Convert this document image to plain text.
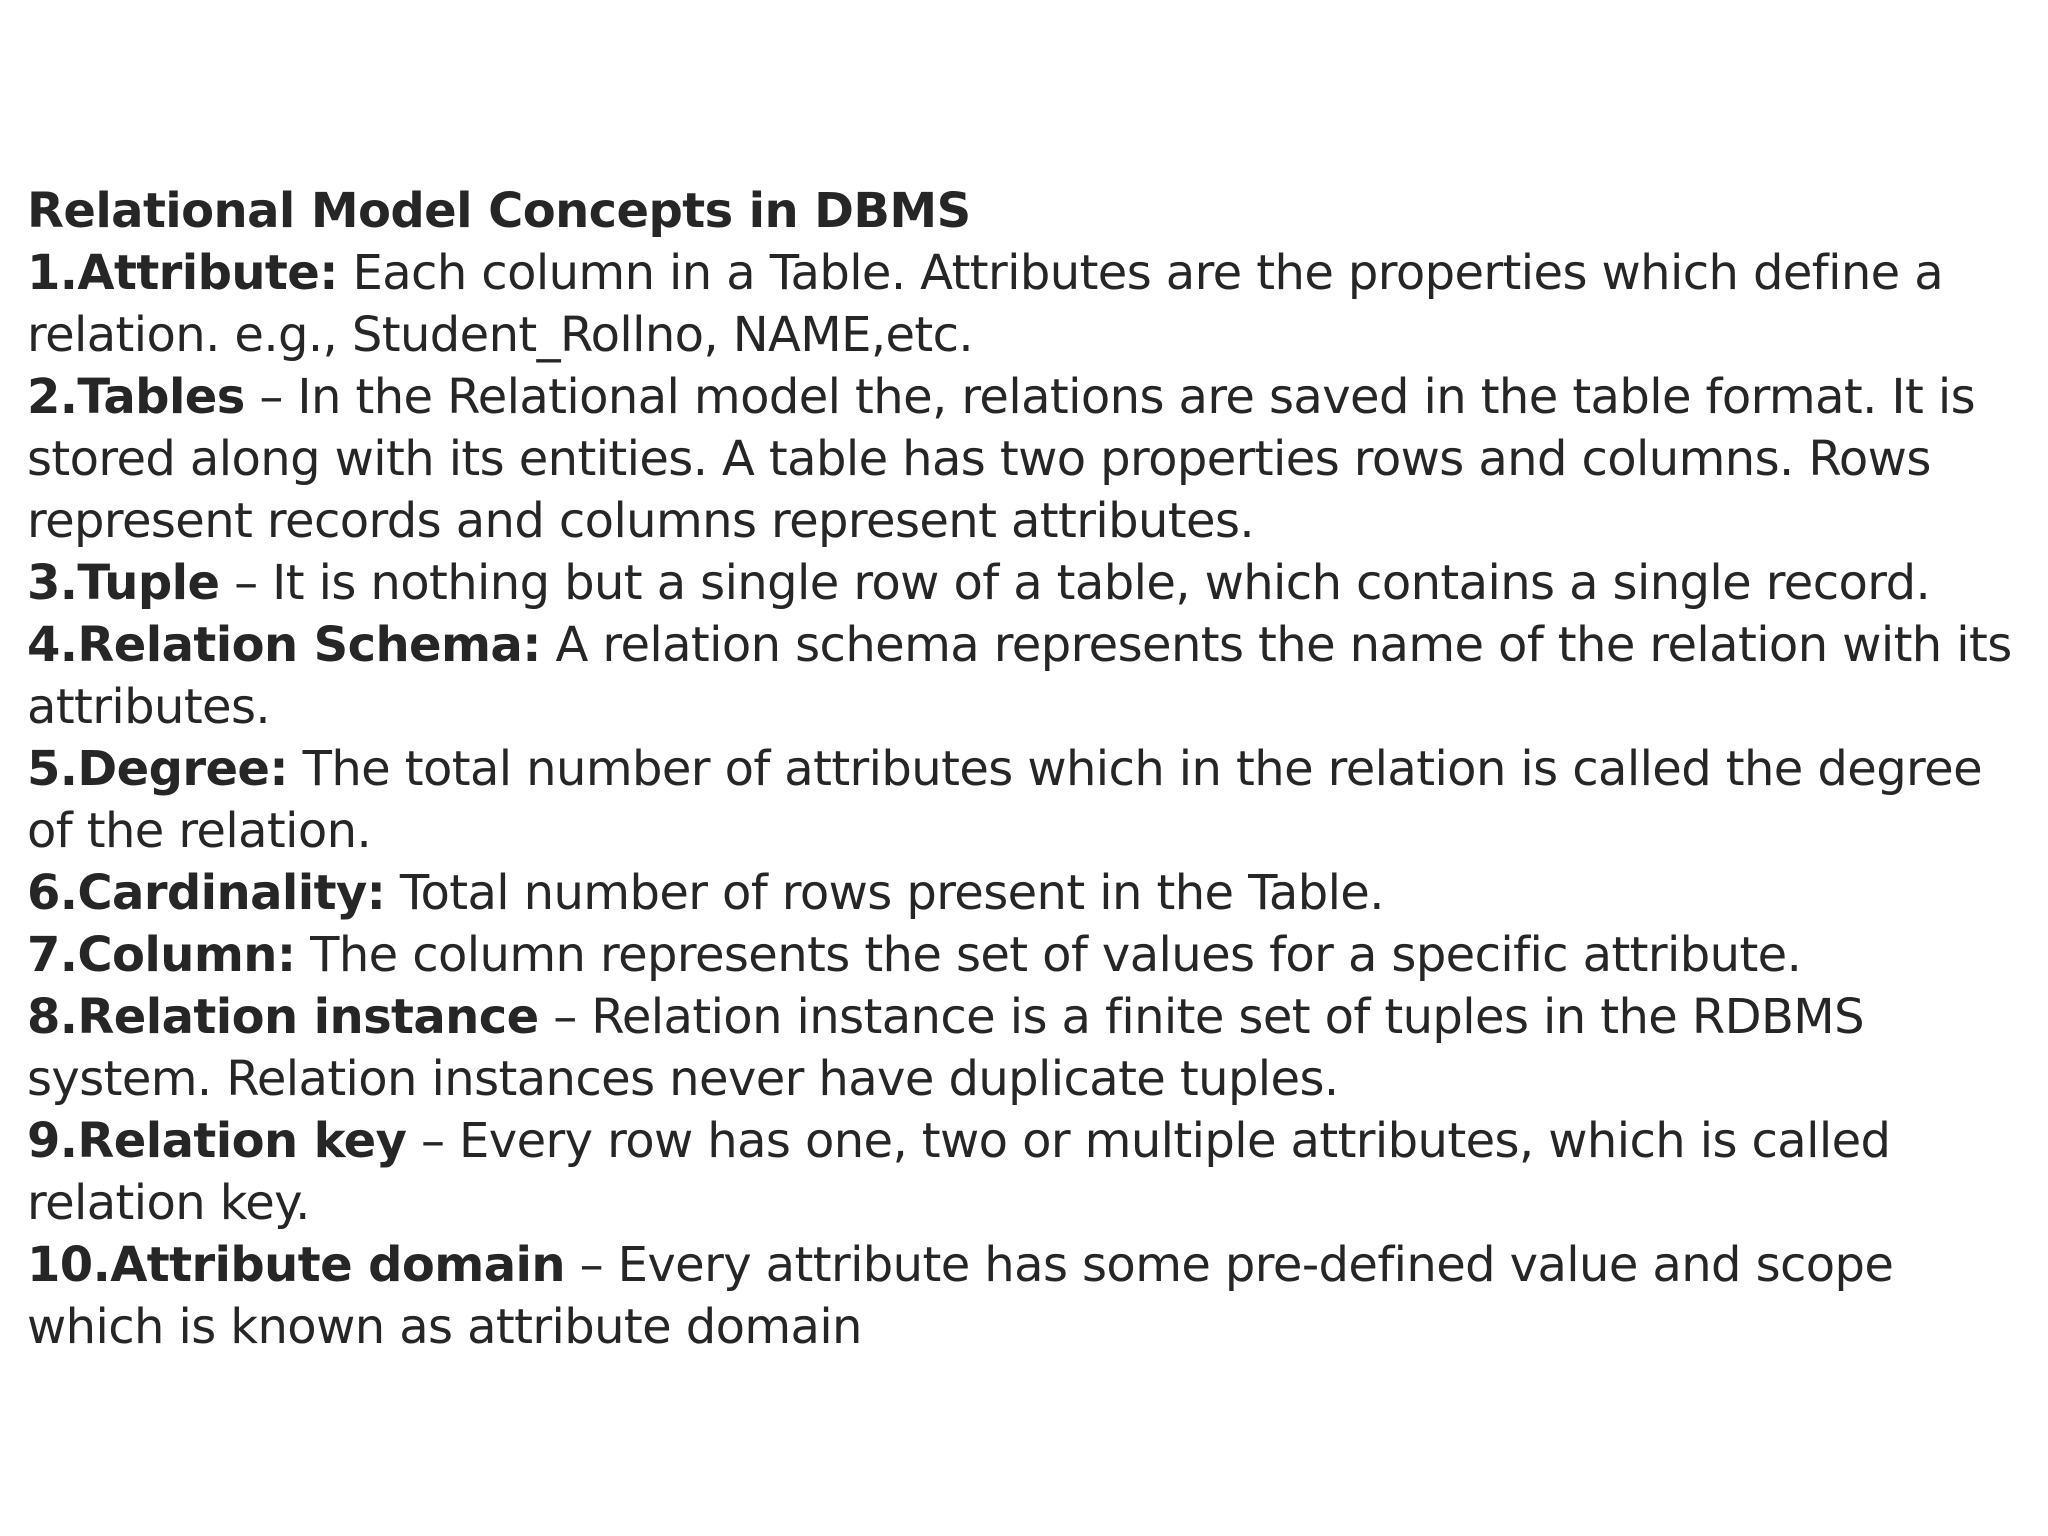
Relational Model Concepts in DBMS
1.Attribute: Each column in a Table. Attributes are the properties which define a
relation. e.g., Student_Rollno, NAME,etc.
2.Tables – In the Relational model the, relations are saved in the table format. It is
stored along with its entities. A table has two properties rows and columns. Rows
represent records and columns represent attributes.
3.Tuple – It is nothing but a single row of a table, which contains a single record.
4.Relation Schema: A relation schema represents the name of the relation with its
attributes.
5.Degree: The total number of attributes which in the relation is called the degree
of the relation.
6.Cardinality: Total number of rows present in the Table.
7.Column: The column represents the set of values for a specific attribute.
8.Relation instance – Relation instance is a finite set of tuples in the RDBMS
system. Relation instances never have duplicate tuples.
9.Relation key – Every row has one, two or multiple attributes, which is called
relation key.
10.Attribute domain – Every attribute has some pre-defined value and scope
which is known as attribute domain
